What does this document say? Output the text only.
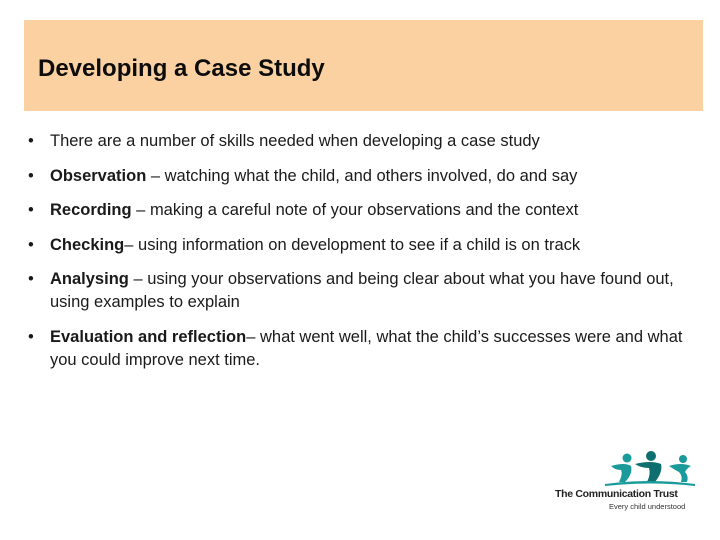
Developing a Case Study
• There are a number of skills needed when developing a case study
• Observation – watching what the child, and others involved, do and say
• Recording – making a careful note of your observations and the context
• Checking– using information on development to see if a child is on track
• Analysing – using your observations and being clear about what you have found out, using examples to explain
• Evaluation and reflection– what went well, what the child’s successes were and what you could improve next time.
The Communication Trust
Every child understood
